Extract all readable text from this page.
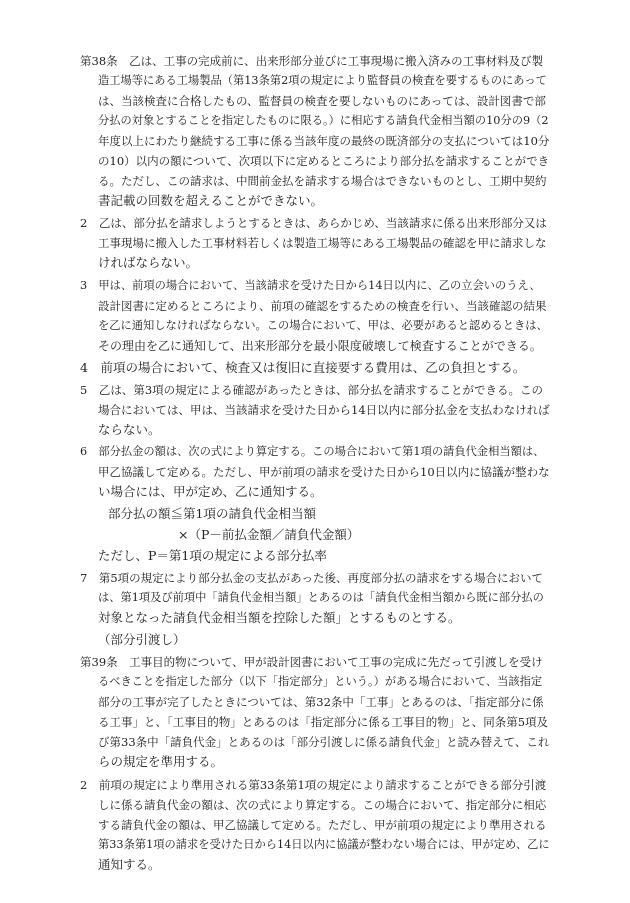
第38条　乙は、工事の完成前に、出来形部分並びに工事現場に搬入済みの工事材料及び製
造工場等にある工場製品（第13条第2項の規定により監督員の検査を要するものにあって
は、当該検査に合格したもの、監督員の検査を要しないものにあっては、設計図書で部
分払の対象とすることを指定したものに限る。）に相応する請負代金相当額の10分の9（2
年度以上にわたり継続する工事に係る当該年度の最終の既済部分の支払については10分
の10）以内の額について、次項以下に定めるところにより部分払を請求することができ
る。ただし、この請求は、中間前金払を請求する場合はできないものとし、工期中契約
書記載の回数を超えることができない。
2　乙は、部分払を請求しようとするときは、あらかじめ、当該請求に係る出来形部分又は
工事現場に搬入した工事材料若しくは製造工場等にある工場製品の確認を甲に請求しな
ければならない。
3　甲は、前項の場合において、当該請求を受けた日から14日以内に、乙の立会いのうえ、
設計図書に定めるところにより、前項の確認をするための検査を行い、当該確認の結果
を乙に通知しなければならない。この場合において、甲は、必要があると認めるときは、
その理由を乙に通知して、出来形部分を最小限度破壊して検査することができる。
4　前項の場合において、検査又は復旧に直接要する費用は、乙の負担とする。
5　乙は、第3項の規定による確認があったときは、部分払を請求することができる。この
場合においては、甲は、当該請求を受けた日から14日以内に部分払金を支払わなければ
ならない。
6　部分払金の額は、次の式により算定する。この場合において第1項の請負代金相当額は、
甲乙協議して定める。ただし、甲が前項の請求を受けた日から10日以内に協議が整わな
い場合には、甲が定め、乙に通知する。
部分払の額≦第1項の請負代金相当額
×（P－前払金額／請負代金額）
ただし、P＝第1項の規定による部分払率
7　第5項の規定により部分払金の支払があった後、再度部分払の請求をする場合において
は、第1項及び前項中「請負代金相当額」とあるのは「請負代金相当額から既に部分払の
対象となった請負代金相当額を控除した額」とするものとする。
（部分引渡し）
第39条　工事目的物について、甲が設計図書において工事の完成に先だって引渡しを受け
るべきことを指定した部分（以下「指定部分」という。）がある場合において、当該指定
部分の工事が完了したときについては、第32条中「工事」とあるのは、「指定部分に係
る工事」と、「工事目的物」とあるのは「指定部分に係る工事目的物」と、同条第5項及
び第33条中「請負代金」とあるのは「部分引渡しに係る請負代金」と読み替えて、これ
らの規定を準用する。
2　前項の規定により準用される第33条第1項の規定により請求することができる部分引渡
しに係る請負代金の額は、次の式により算定する。この場合において、指定部分に相応
する請負代金の額は、甲乙協議して定める。ただし、甲が前項の規定により準用される
第33条第1項の請求を受けた日から14日以内に協議が整わない場合には、甲が定め、乙に
通知する。
